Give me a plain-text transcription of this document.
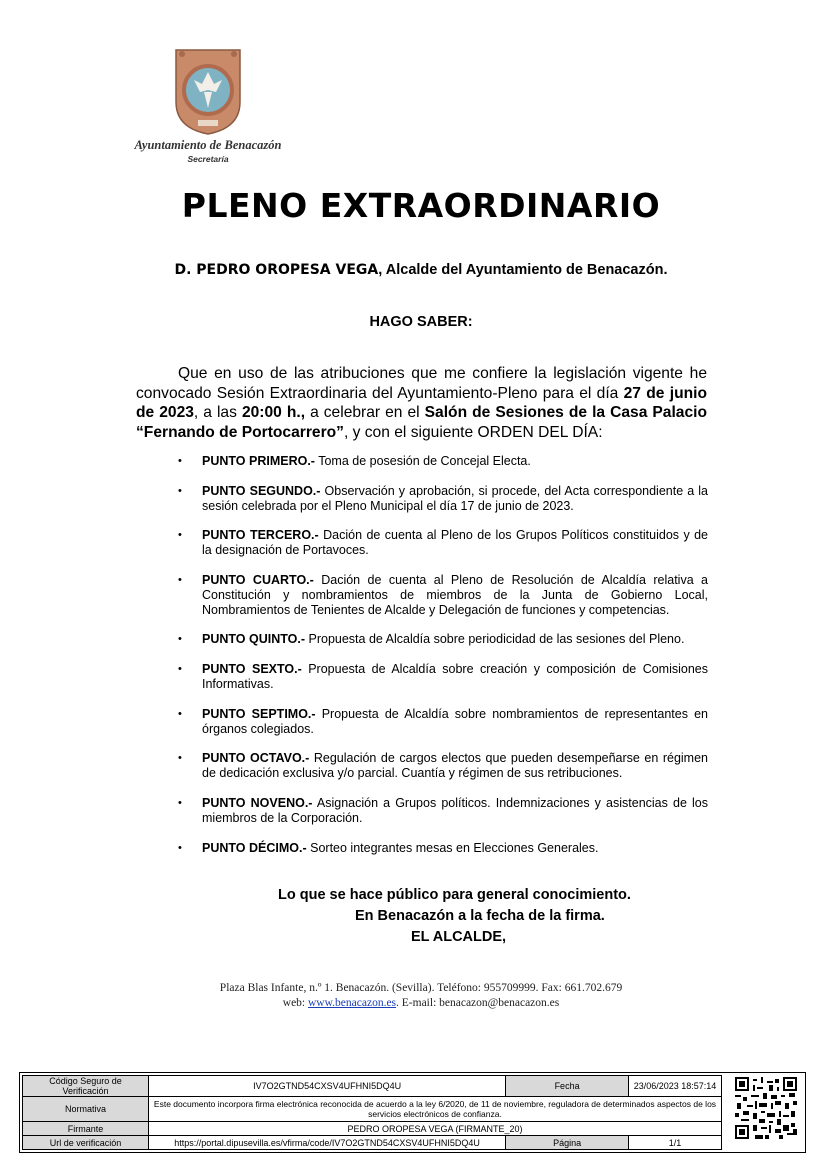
Ayuntamiento de Benacazón
Secretaría
PLENO EXTRAORDINARIO
D. PEDRO OROPESA VEGA, Alcalde del Ayuntamiento de Benacazón.
HAGO SABER:
Que en uso de las atribuciones que me confiere la legislación vigente he convocado Sesión Extraordinaria del Ayuntamiento-Pleno para el día 27 de junio de 2023, a las 20:00 h., a celebrar en el Salón de Sesiones de la Casa Palacio “Fernando de Portocarrero”, y con el siguiente ORDEN DEL DÍA:
• PUNTO PRIMERO.- Toma de posesión de Concejal Electa.
• PUNTO SEGUNDO.- Observación y aprobación, si procede, del Acta correspondiente a la sesión celebrada por el Pleno Municipal el día 17 de junio de 2023.
• PUNTO TERCERO.- Dación de cuenta al Pleno de los Grupos Políticos constituidos y de la designación de Portavoces.
• PUNTO CUARTO.- Dación de cuenta al Pleno de Resolución de Alcaldía relativa a Constitución y nombramientos de miembros de la Junta de Gobierno Local, Nombramientos de Tenientes de Alcalde y Delegación de funciones y competencias.
• PUNTO QUINTO.- Propuesta de Alcaldía sobre periodicidad de las sesiones del Pleno.
• PUNTO SEXTO.- Propuesta de Alcaldía sobre creación y composición de Comisiones Informativas.
• PUNTO SEPTIMO.- Propuesta de Alcaldía sobre nombramientos de representantes en órganos colegiados.
• PUNTO OCTAVO.- Regulación de cargos electos que pueden desempeñarse en régimen de dedicación exclusiva y/o parcial. Cuantía y régimen de sus retribuciones.
• PUNTO NOVENO.- Asignación a Grupos políticos. Indemnizaciones y asistencias de los miembros de la Corporación.
• PUNTO DÉCIMO.- Sorteo integrantes mesas en Elecciones Generales.
Lo que se hace público para general conocimiento.
En Benacazón a la fecha de la firma.
EL ALCALDE,
Plaza Blas Infante, n.º 1. Benacazón. (Sevilla). Teléfono: 955709999. Fax: 661.702.679
web: www.benacazon.es. E-mail: benacazon@benacazon.es
Código Seguro de Verificación	IV7O2GTND54CXSV4UFHNI5DQ4U	Fecha	23/06/2023 18:57:14
Normativa	Este documento incorpora firma electrónica reconocida de acuerdo a la ley 6/2020, de 11 de noviembre, reguladora de determinados aspectos de los servicios electrónicos de confianza.		
Firmante	PEDRO OROPESA VEGA (FIRMANTE_20)		
Url de verificación	https://portal.dipusevilla.es/vfirma/code/IV7O2GTND54CXSV4UFHNI5DQ4U	Página	1/1
